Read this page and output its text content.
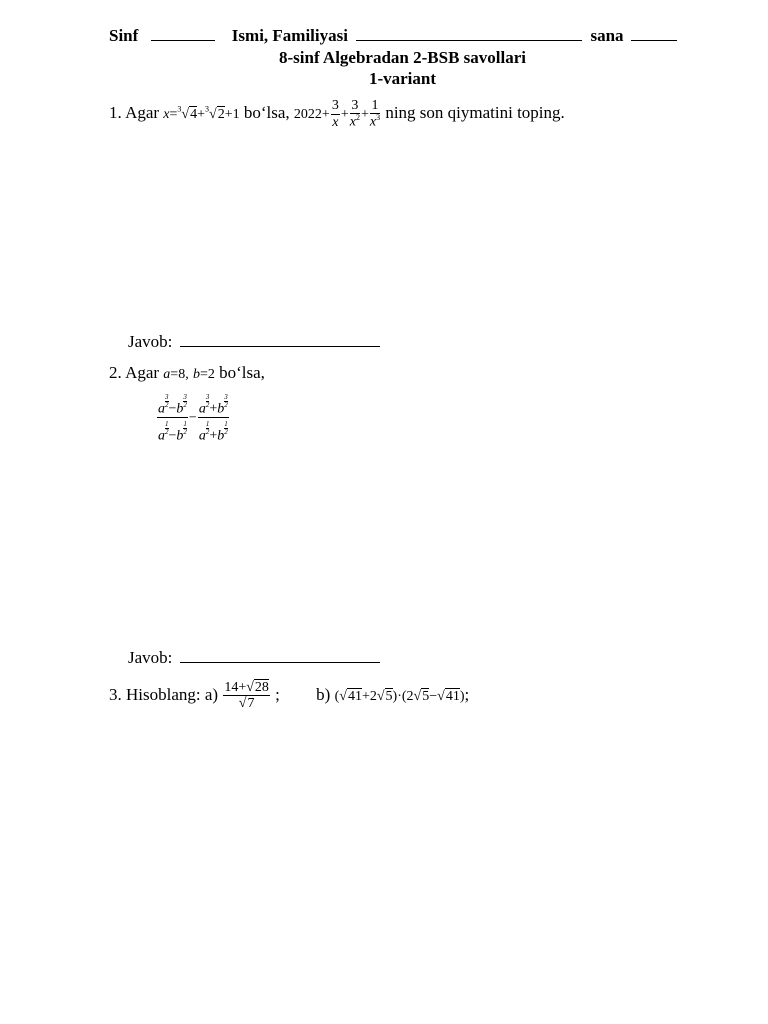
Sinf	Ismi, Familiyasi	sana
8-sinf Algebradan 2-BSB savollari
1-variant
1. Agar x=$^3$√4+$^3$√2+1 bo‘lsa, $2022+ \frac{3}{x} + \frac{3}{x^2} + \frac{1}{x^3}$ ning son qiymatini toping.
Javob:
2. Agar a=8, b=2 bo‘lsa,
a
$\frac{3}{2}$
−b
$\frac{3}{2}$
a
$\frac{1}{2}$
−b
$\frac{1}{2} - a$
$\frac{3}{2}$
+b
$\frac{3}{2}$
a
$\frac{1}{2}$
+b
$\frac{1}{2}$
Javob:
3. Hisoblang: $a) \frac{14+√28}{√7}$ ; b) (√41+2√5)·(2√5−√41);
